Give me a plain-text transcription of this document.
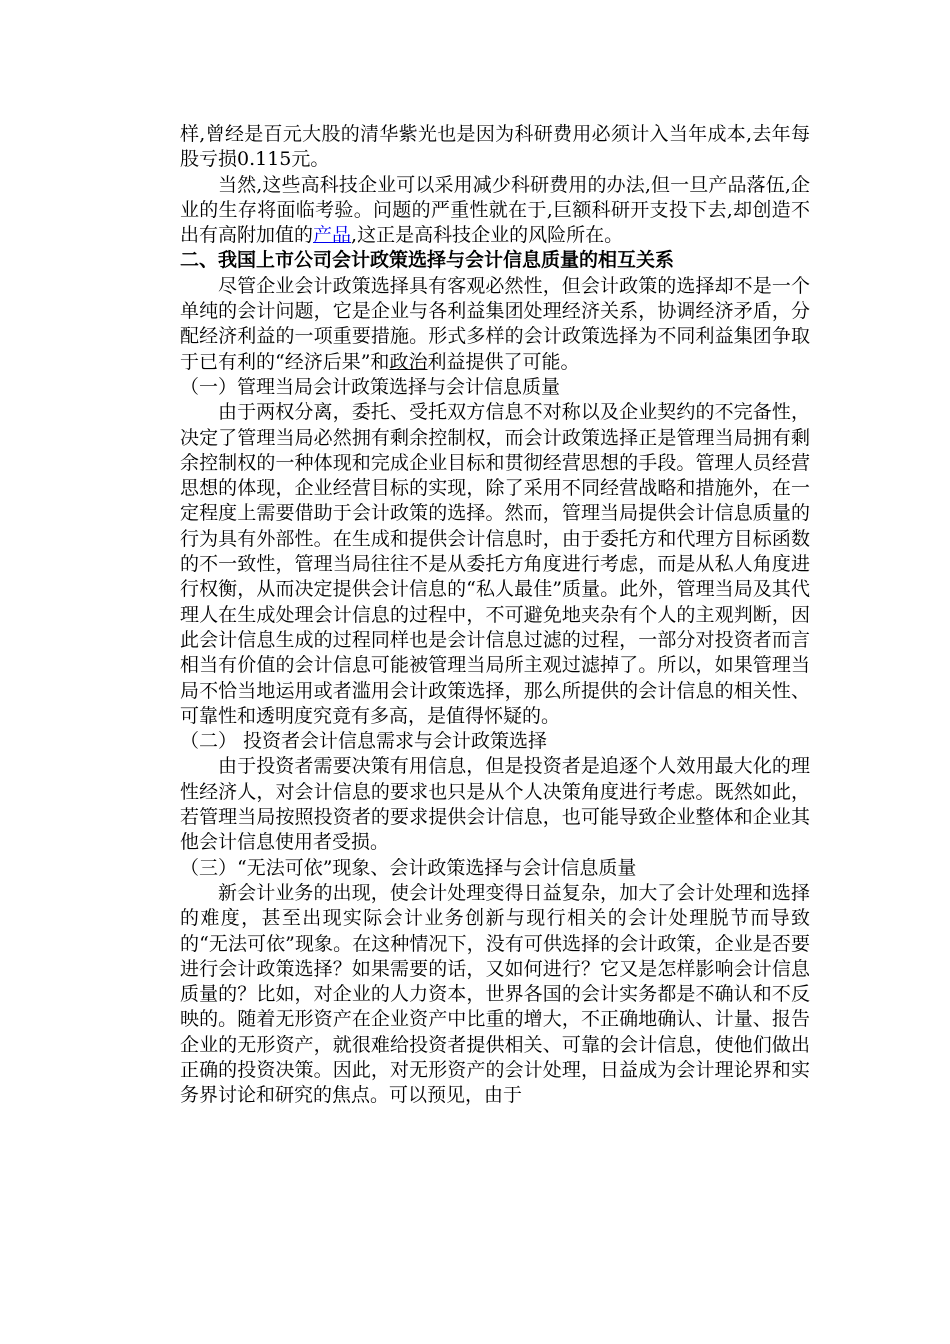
样,曾经是百元大股的清华紫光也是因为科研费用必须计入当年成本,去年每股亏损0.115元。

当然,这些高科技企业可以采用减少科研费用的办法,但一旦产品落伍,企业的生存将面临考验。问题的严重性就在于,巨额科研开支投下去,却创造不出有高附加值的产品,这正是高科技企业的风险所在。

二、我国上市公司会计政策选择与会计信息质量的相互关系

尽管企业会计政策选择具有客观必然性，但会计政策的选择却不是一个单纯的会计问题，它是企业与各利益集团处理经济关系，协调经济矛盾，分配经济利益的一项重要措施。形式多样的会计政策选择为不同利益集团争取于已有利的“经济后果”和政治利益提供了可能。

（一）管理当局会计政策选择与会计信息质量

由于两权分离，委托、受托双方信息不对称以及企业契约的不完备性，决定了管理当局必然拥有剩余控制权，而会计政策选择正是管理当局拥有剩余控制权的一种体现和完成企业目标和贯彻经营思想的手段。管理人员经营思想的体现，企业经营目标的实现，除了采用不同经营战略和措施外，在一定程度上需要借助于会计政策的选择。然而，管理当局提供会计信息质量的行为具有外部性。在生成和提供会计信息时，由于委托方和代理方目标函数的不一致性，管理当局往往不是从委托方角度进行考虑，而是从私人角度进行权衡，从而决定提供会计信息的“私人最佳”质量。此外，管理当局及其代理人在生成处理会计信息的过程中，不可避免地夹杂有个人的主观判断，因此会计信息生成的过程同样也是会计信息过滤的过程，一部分对投资者而言相当有价值的会计信息可能被管理当局所主观过滤掉了。所以，如果管理当局不恰当地运用或者滥用会计政策选择，那么所提供的会计信息的相关性、可靠性和透明度究竟有多高，是值得怀疑的。

（二） 投资者会计信息需求与会计政策选择

由于投资者需要决策有用信息，但是投资者是追逐个人效用最大化的理性经济人，对会计信息的要求也只是从个人决策角度进行考虑。既然如此，若管理当局按照投资者的要求提供会计信息，也可能导致企业整体和企业其他会计信息使用者受损。

（三）“无法可依”现象、会计政策选择与会计信息质量

新会计业务的出现，使会计处理变得日益复杂，加大了会计处理和选择的难度，甚至出现实际会计业务创新与现行相关的会计处理脱节而导致的“无法可依”现象。在这种情况下，没有可供选择的会计政策，企业是否要进行会计政策选择？如果需要的话，又如何进行？它又是怎样影响会计信息质量的？比如，对企业的人力资本，世界各国的会计实务都是不确认和不反映的。随着无形资产在企业资产中比重的增大，不正确地确认、计量、报告企业的无形资产，就很难给投资者提供相关、可靠的会计信息，使他们做出正确的投资决策。因此，对无形资产的会计处理，日益成为会计理论界和实务界讨论和研究的焦点。可以预见，由于
